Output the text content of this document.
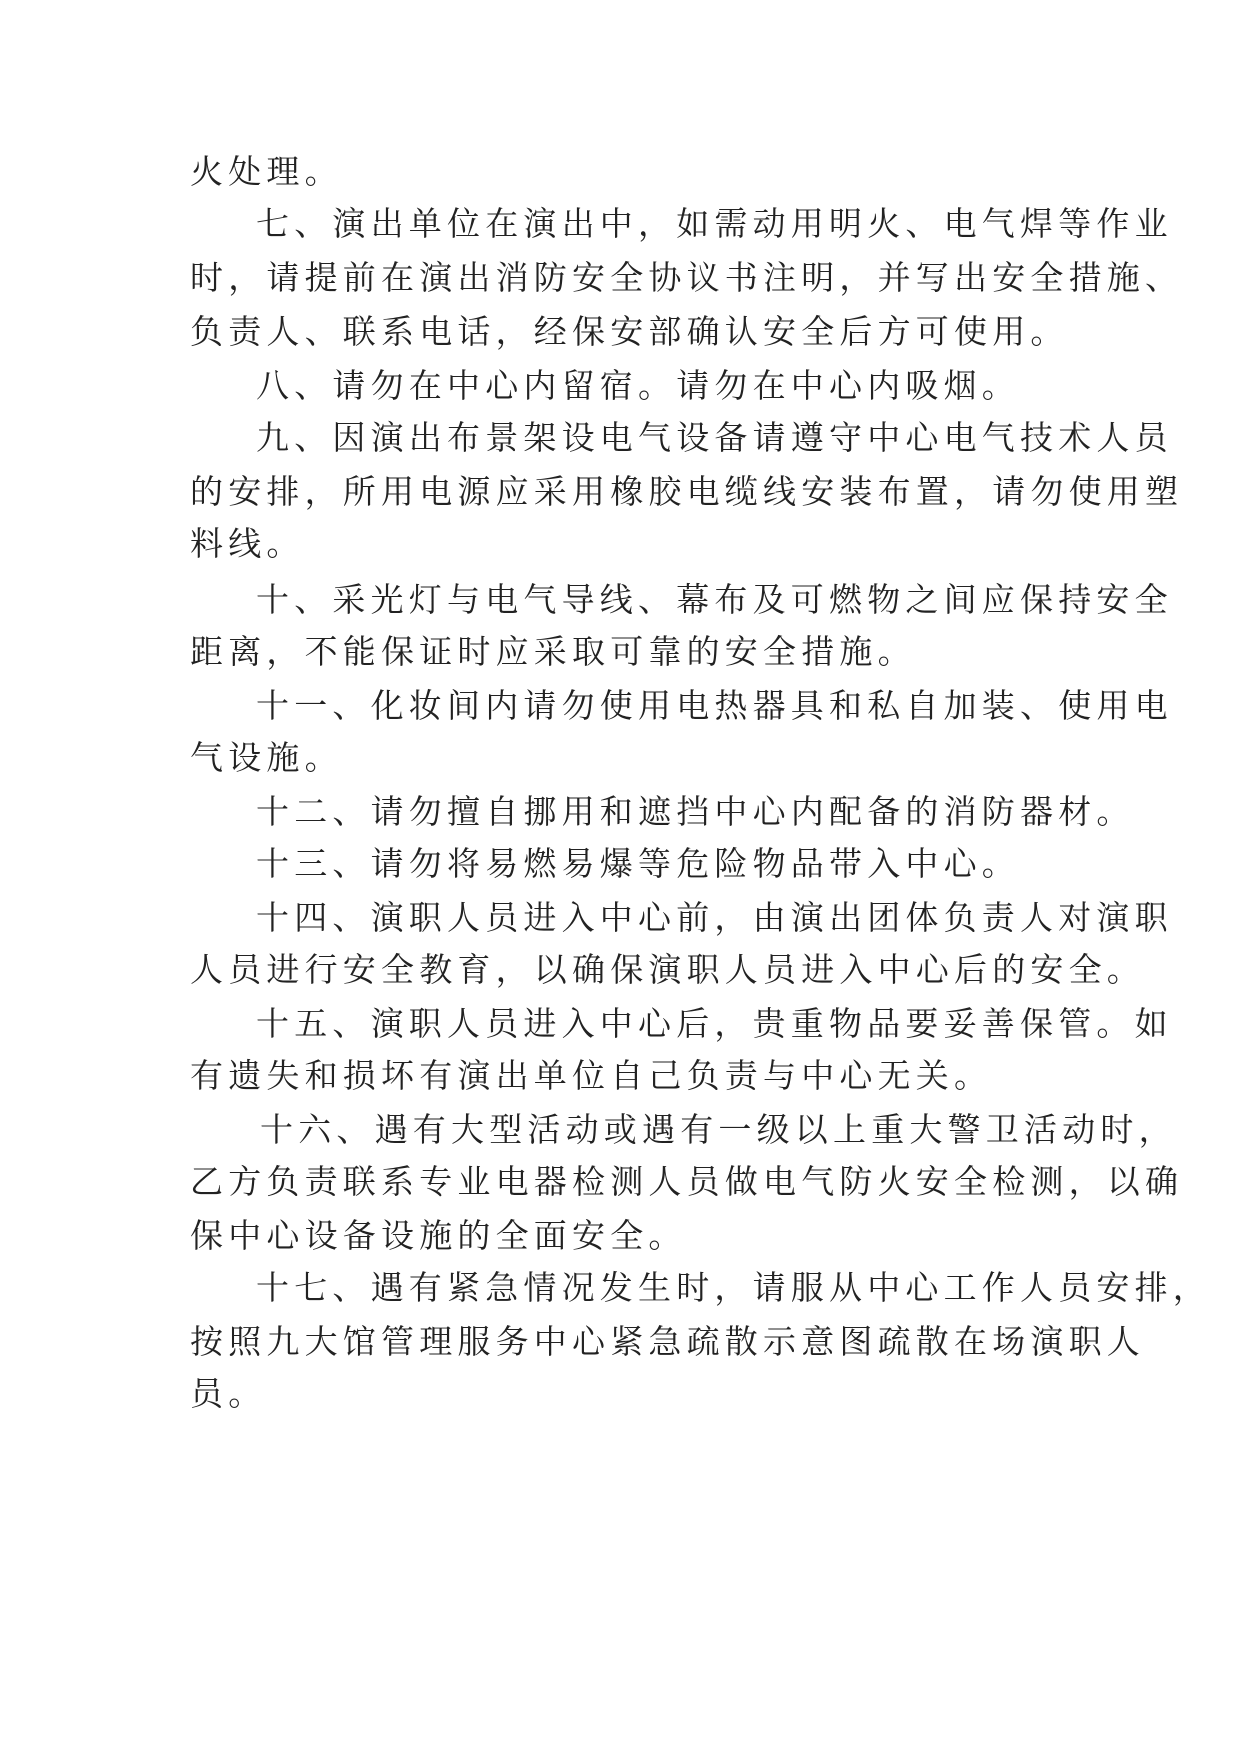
火处理。
七、演出单位在演出中，如需动用明火、电气焊等作业
时，请提前在演出消防安全协议书注明，并写出安全措施、
负责人、联系电话，经保安部确认安全后方可使用。
八、请勿在中心内留宿。请勿在中心内吸烟。
九、因演出布景架设电气设备请遵守中心电气技术人员
的安排，所用电源应采用橡胶电缆线安装布置，请勿使用塑
料线。
十、采光灯与电气导线、幕布及可燃物之间应保持安全
距离，不能保证时应采取可靠的安全措施。
十一、化妆间内请勿使用电热器具和私自加装、使用电
气设施。
十二、请勿擅自挪用和遮挡中心内配备的消防器材。
十三、请勿将易燃易爆等危险物品带入中心。
十四、演职人员进入中心前，由演出团体负责人对演职
人员进行安全教育，以确保演职人员进入中心后的安全。
十五、演职人员进入中心后，贵重物品要妥善保管。如
有遗失和损坏有演出单位自己负责与中心无关。
十六、遇有大型活动或遇有一级以上重大警卫活动时，
乙方负责联系专业电器检测人员做电气防火安全检测，以确
保中心设备设施的全面安全。
十七、遇有紧急情况发生时，请服从中心工作人员安排，
按照九大馆管理服务中心紧急疏散示意图疏散在场演职人
员。
